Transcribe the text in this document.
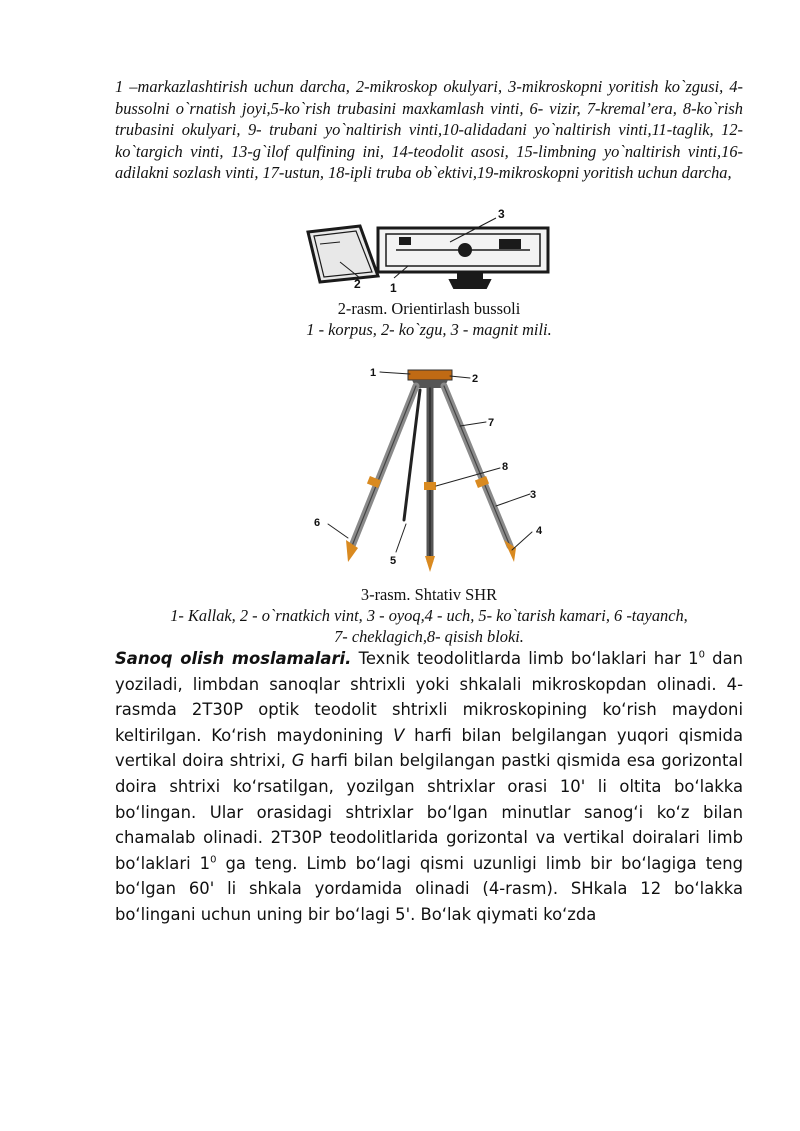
1 –markazlashtirish uchun darcha, 2-mikroskop okulyari, 3-mikroskopni yoritish ko`zgusi, 4-bussolni o`rnatish joyi,5-ko`rish trubasini maxkamlash vinti, 6- vizir, 7-kremal’era, 8-ko`rish trubasini okulyari, 9- trubani yo`naltirish vinti,10-alidadani yo`naltirish vinti,11-taglik, 12-ko`targich vinti, 13-g`ilof qulfining ini, 14-teodolit asosi, 15-limbning yo`naltirish vinti,16-adilakni sozlash vinti, 17-ustun, 18-ipli truba ob`ektivi,19-mikroskopni yoritish uchun darcha,

3
2 1
2-rasm. Orientirlash bussoli
1 - korpus, 2- ko`zgu, 3 - magnit mili.
1	2
7
8
3
4
6
5
3-rasm. Shtativ SHR
1- Kallak, 2 - o`rnatkich vint, 3 - oyoq,4 - uch, 5- ko`tarish kamari, 6 -tayanch,
7- cheklagich,8- qisish bloki.

Sanoq olish moslamalari. Texnik teodolitlarda limb bo‘laklari har $1^0$ dan yoziladi, limbdan sanoqlar shtrixli yoki shkalali mikroskopdan olinadi. 4- rasmda 2T30P optik teodolit shtrixli mikroskopining ko‘rish maydoni keltirilgan. Ko‘rish maydonining V harfi bilan belgilangan yuqori qismida vertikal doira shtrixi, G harfi bilan belgilangan pastki qismida esa gorizontal doira shtrixi ko‘rsatilgan, yozilgan shtrixlar orasi 10' li oltita bo‘lakka bo‘lingan. Ular orasidagi shtrixlar bo‘lgan minutlar sanog‘i ko‘z bilan chamalab olinadi. 2T30P teodolitlarida gorizontal va vertikal doiralari limb bo‘laklari $1^0$ ga teng. Limb bo‘lagi qismi uzunligi limb bir bo‘lagiga teng bo‘lgan 60' li shkala yordamida olinadi (4-rasm). SHkala 12 bo‘lakka bo‘lingani uchun uning bir bo‘lagi 5'. Bo‘lak qiymati ko‘zda
